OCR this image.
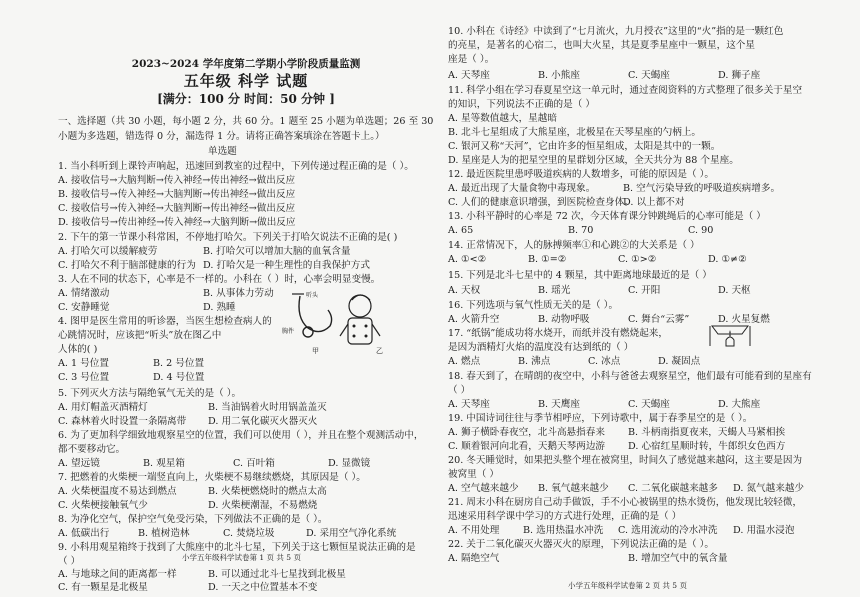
2023~2024 学年度第二学期小学阶段质量监测
五年级 科学 试题
[满分：100 分 时间：50 分钟 ]
一、选择题（共 30 小题，每小题 2 分，共 60 分。1 题至 25 小题为单选题；26 至 30
小题为多选题，错选得 0 分，漏选得 1 分。请将正确答案填涂在答题卡上。）
单选题
1. 当小科听到上课铃声响起，迅速回到教室的过程中，下列传递过程正确的是（ ）。
A. 接收信号→大脑判断→传入神经→传出神经→做出反应
B. 接收信号→传入神经→大脑判断→传出神经→做出反应
C. 接收信号→传入神经→大脑判断→传出神经→做出反应
D. 接收信号→传出神经→传入神经→大脑判断→做出反应
2. 下午的第一节课小科常困，不停地打哈欠。下列关于打哈欠说法不正确的是( )
A. 打哈欠可以缓解疲劳	B. 打哈欠可以增加大脑的血氧含量
C. 打哈欠不利于脑部健康的行为 D. 打哈欠是一种生理性的自我保护方式
3. 人在不同的状态下，心率是不一样的。小科在（ ）时，心率会明显变慢。
A. 情绪激动	B. 从事体力劳动
C. 安静睡觉	D. 熟睡
4. 图甲是医生常用的听诊器，当医生想检查病人的
心跳情况时，应该把“听头”放在图乙中
人体的( )
A. 1 号位置	B. 2 号位置
C. 3 号位置	D. 4 号位置
5. 下列灭火方法与隔绝氧气无关的是（ ）。
A. 用灯帽盖灭酒精灯	B. 当油锅着火时用锅盖盖灭
C. 森林着火时设置一条隔离带 D. 用二氧化碳灭火器灭火
6. 为了更加科学细致地观察星空的位置，我们可以使用（ ），并且在整个观测活动中，
都不要移动它。
A. 望远镜	B. 观星箱	C. 百叶箱	D. 显微镜
7. 把燃着的火柴梗一端竖直向上，火柴梗不易继续燃烧，其原因是（ ）。
A. 火柴梗温度不易达到燃点	B. 火柴梗燃烧时的燃点太高
C. 火柴梗接触氧气少	D. 火柴梗潮湿，不易燃烧
8. 为净化空气，保护空气免受污染，下列做法不正确的是（ ）。
A. 低碳出行	B. 植树造林	C. 焚烧垃圾	D. 采用空气净化系统
9. 小科用观星箱终于找到了大熊座中的北斗七星，下列关于这七颗恒星说法正确的是
（ ）
A. 与地球之间的距离都一样	B. 可以通过北斗七星找到北极星
C. 有一颗星是北极星	D. 一天之中位置基本不变
甲	乙
听头
胸件
10. 小科在《诗经》中读到了“七月流火，九月授衣”这里的“火”指的是一颗红色
的亮星，是著名的心宿二，也叫大火星，其是夏季星座中一颗星，这个星
座是（ ）。
A. 天琴座	B. 小熊座	C. 天蝎座	D. 狮子座
11. 科学小组在学习春夏星空这一单元时，通过查阅资料的方式整理了很多关于星空
的知识，下列说法不正确的是（ ）
A. 星等数值越大，星越暗
B. 北斗七星组成了大熊星座，北极星在天琴星座的勺柄上。
C. 银河又称“天河”，它由许多的恒星组成，太阳是其中的一颗。
D. 星座是人为的把星空里的星群划分区域，全天共分为 88 个星座。
12. 最近医院里患呼吸道疾病的人数增多，可能的原因是（ ）。
A. 最近出现了大量食物中毒现象。	B. 空气污染导致的呼吸道疾病增多。
C. 人们的健康意识增强，到医院检查身体。
D. 以上都不对
13. 小科平静时的心率是 72 次，今天体育课分钟跳绳后的心率可能是（ ）
A. 65	B. 70	C. 90
14. 正常情况下，人的脉搏频率①和心跳②的大关系是（ ）
A. ①<②	B. ①=②	C. ①>②	D. ①≠②
15. 下列是北斗七星中的 4 颗星，其中距离地球最近的是（ ）
A. 天权	B. 瑶光	C. 开阳	D. 天枢
16. 下列选项与氧气性质无关的是（ ）。
A. 火箭升空	B. 动物呼吸	C. 舞台“云雾”	D. 火星复燃
17. “纸锅”能成功将水烧开，而纸并没有燃烧起来，
是因为酒精灯火焰的温度没有达到纸的（ ）
A. 燃点	B. 沸点	C. 冰点	D. 凝固点
18. 春天到了，在晴朗的夜空中，小科与爸爸去观察星空，他们最有可能看到的星座有
（ ）
A. 天琴座	B. 天鹰座	C. 天蝎座	D. 大熊座
19. 中国诗词往往与季节相呼应，下列诗歌中，属于春季星空的是（ ）。
A. 狮子横卧春夜空，北斗高悬指春来 B. 斗柄南指夏夜来，天蝎人马紧相挨
C. 顺着银河向北看，天鹅天琴两边游 D. 心宿红星顺时转，牛郎织女色西方
20. 冬天睡觉时，如果把头整个埋在被窝里，时间久了感觉越来越闷，这主要是因为
被窝里（ ）
A. 空气越来越少 B. 氧气越来越少 C. 二氧化碳越来越多 D. 氮气越来越少
21. 周末小科在厨房自己动手做饭，手不小心被锅里的热水烫伤，他发现比较轻微，
迅速采用科学课中学习的方式进行处理，正确的是（ ）
A. 不用处理 B. 选用热温水冲洗 C. 选用流动的冷水冲洗 D. 用温水浸泡
22. 关于二氧化碳灭火器灭火的原理，下列说法正确的是（ ）。
A. 隔绝空气	B. 增加空气中的氧含量
小学五年级科学试卷第 1 页 共 5 页
小学五年级科学试卷第 2 页 共 5 页
